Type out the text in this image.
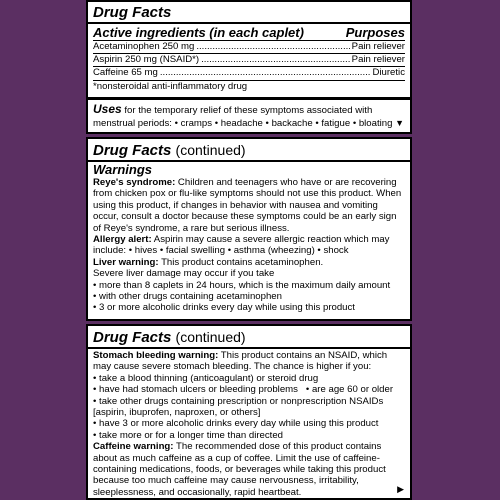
Drug Facts
Active ingredients (in each caplet)	Purposes
Acetaminophen 250 mg .....	Pain reliever
Aspirin 250 mg (NSAID*) .....	Pain reliever
Caffeine 65 mg .....	Diuretic
*nonsteroidal anti-inflammatory drug
Uses for the temporary relief of these symptoms associated with menstrual periods: • cramps • headache • backache • fatigue • bloating ▼
Drug Facts (continued)
Warnings
Reye's syndrome: Children and teenagers who have or are recovering from chicken pox or flu-like symptoms should not use this product. When using this product, if changes in behavior with nausea and vomiting occur, consult a doctor because these symptoms could be an early sign of Reye's syndrome, a rare but serious illness.
Allergy alert: Aspirin may cause a severe allergic reaction which may include: • hives • facial swelling • asthma (wheezing) • shock
Liver warning: This product contains acetaminophen.
Severe liver damage may occur if you take
• more than 8 caplets in 24 hours, which is the maximum daily amount
• with other drugs containing acetaminophen
• 3 or more alcoholic drinks every day while using this product
Drug Facts (continued)
Stomach bleeding warning: This product contains an NSAID, which may cause severe stomach bleeding. The chance is higher if you:
• take a blood thinning (anticoagulant) or steroid drug
• have had stomach ulcers or bleeding problems   • are age 60 or older
• take other drugs containing prescription or nonprescription NSAIDs [aspirin, ibuprofen, naproxen, or others]
• have 3 or more alcoholic drinks every day while using this product
• take more or for a longer time than directed
Caffeine warning: The recommended dose of this product contains about as much caffeine as a cup of coffee. Limit the use of caffeine-containing medications, foods, or beverages while taking this product because too much caffeine may cause nervousness, irritability, sleeplessness, and occasionally, rapid heartbeat.	▶
